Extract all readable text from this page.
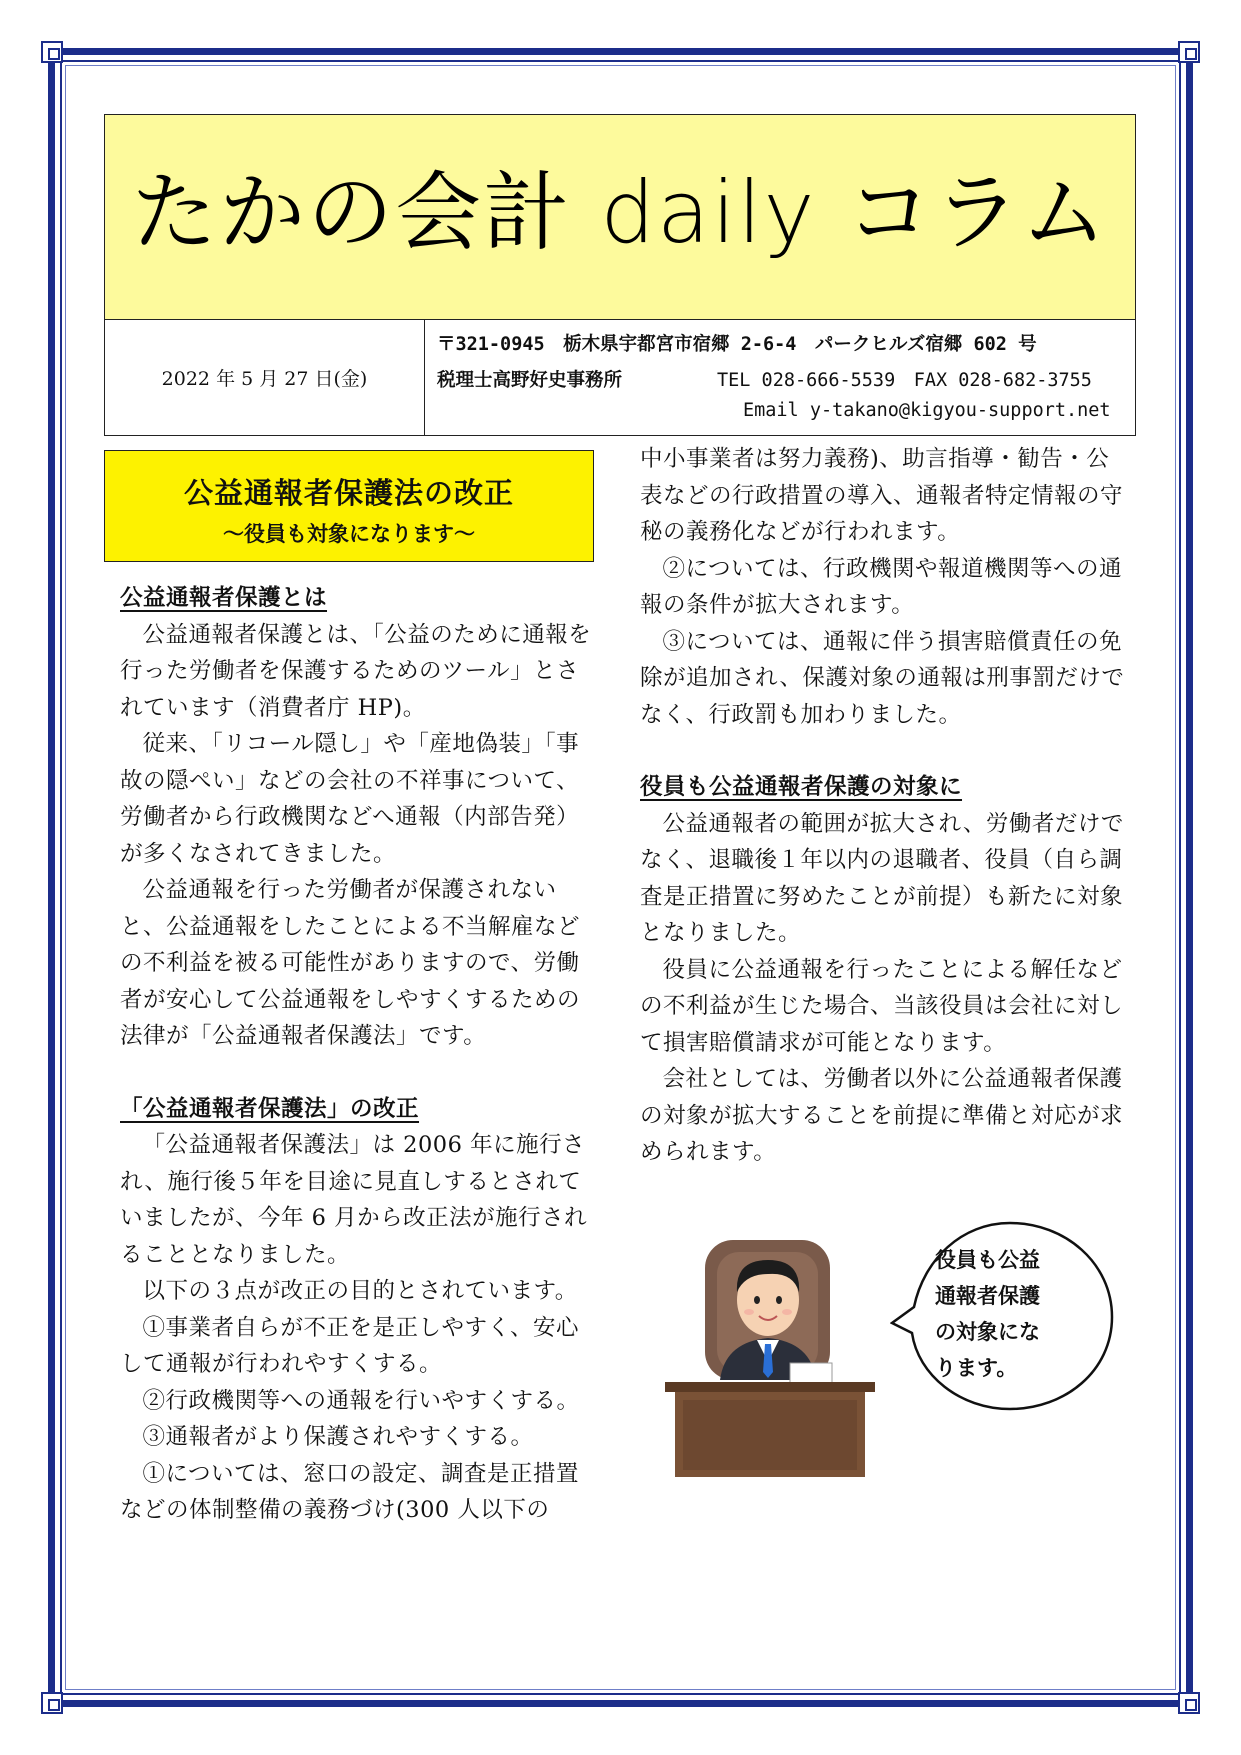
たかの会計 daily コラム
2022 年 5 月 27 日(金)
〒321-0945　栃木県宇都宮市宿郷 2-6-4　パークヒルズ宿郷 602 号
税理士高野好史事務所	TEL 028-666-5539　FAX 028-682-3755
Email y-takano@kigyou-support.net
公益通報者保護法の改正
～役員も対象になります～

公益通報者保護とは

公益通報者保護とは、「公益のために通報を行った労働者を保護するためのツール」とされています（消費者庁 HP)。

従来、「リコール隠し」や「産地偽装」「事故の隠ぺい」などの会社の不祥事について、労働者から行政機関などへ通報（内部告発）が多くなされてきました。

公益通報を行った労働者が保護されないと、公益通報をしたことによる不当解雇などの不利益を被る可能性がありますので、労働者が安心して公益通報をしやすくするための法律が「公益通報者保護法」です。

「公益通報者保護法」の改正

「公益通報者保護法」は 2006 年に施行され、施行後５年を目途に見直しするとされていましたが、今年 6 月から改正法が施行されることとなりました。

以下の３点が改正の目的とされています。

①事業者自らが不正を是正しやすく、安心して通報が行われやすくする。

②行政機関等への通報を行いやすくする。

③通報者がより保護されやすくする。

①については、窓口の設定、調査是正措置などの体制整備の義務づけ(300 人以下の

中小事業者は努力義務)、助言指導・勧告・公表などの行政措置の導入、通報者特定情報の守秘の義務化などが行われます。

②については、行政機関や報道機関等への通報の条件が拡大されます。

③については、通報に伴う損害賠償責任の免除が追加され、保護対象の通報は刑事罰だけでなく、行政罰も加わりました。

役員も公益通報者保護の対象に

公益通報者の範囲が拡大され、労働者だけでなく、退職後１年以内の退職者、役員（自ら調査是正措置に努めたことが前提）も新たに対象となりました。

役員に公益通報を行ったことによる解任などの不利益が生じた場合、当該役員は会社に対して損害賠償請求が可能となります。

会社としては、労働者以外に公益通報者保護の対象が拡大することを前提に準備と対応が求められます。

役員も公益
通報者保護
の対象にな
ります。
